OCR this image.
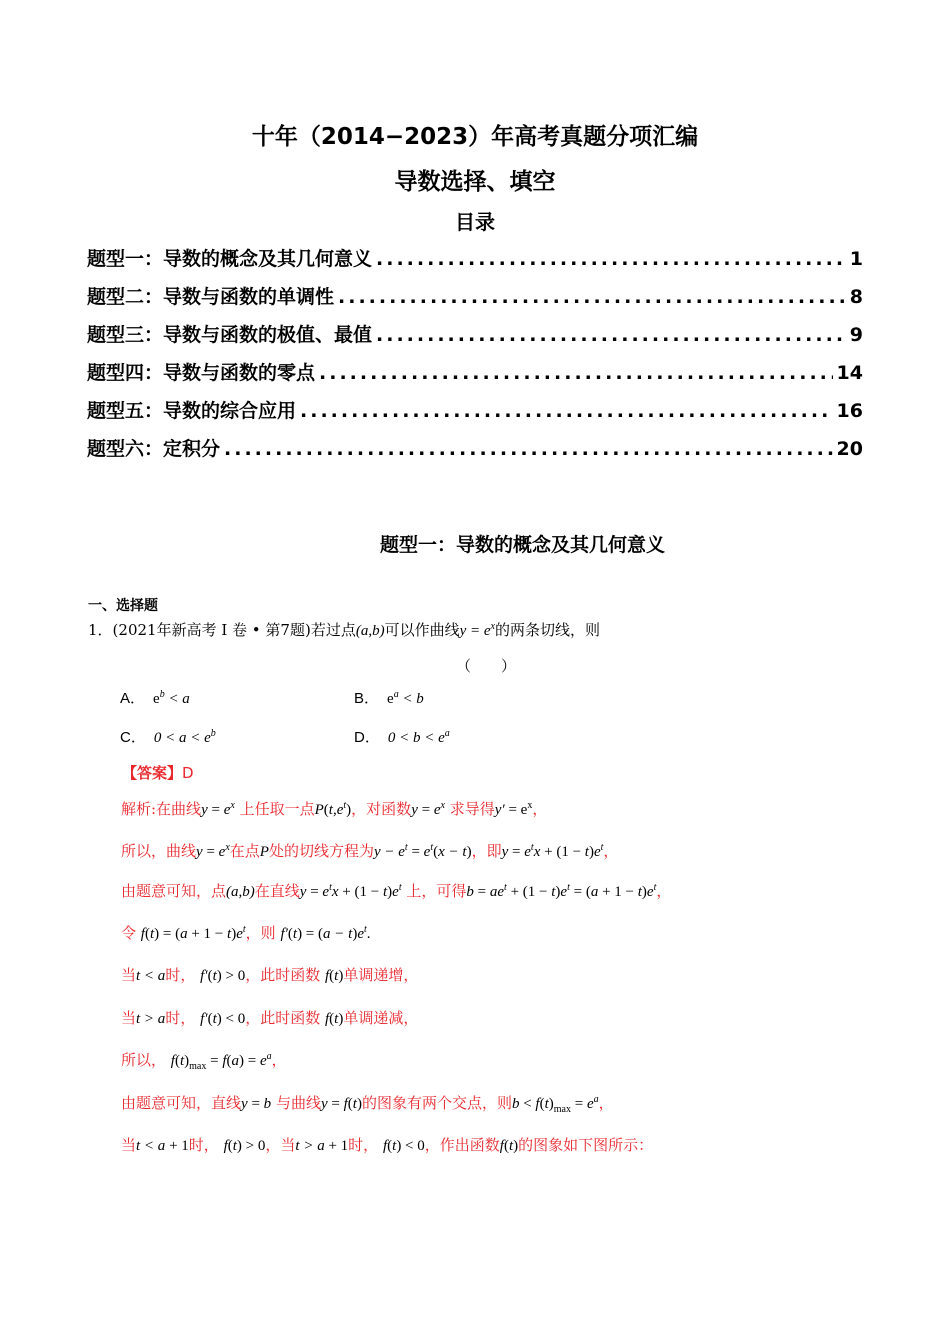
十年（2014−2023）年高考真题分项汇编
导数选择、填空
目录
题型一：导数的概念及其几何意义 .....	1
题型二：导数与函数的单调性 .....	8
题型三：导数与函数的极值、最值 .....	9
题型四：导数与函数的零点 .....	14
题型五：导数的综合应用 .....	16
题型六：定积分 .....	20
题型一：导数的概念及其几何意义
一、选择题
1．(2021年新高考 I 卷 • 第7题)若过点(a,b)可以作曲线$y = e^x$的两条切线，则
（　　）
A． $e^b < a$	B． $e^a < b$
C． $0 < a < e^b$	D． $0 < b < e^a$
【答案】D
解析:在曲线$y = e^x$ 上任取一点$P(t,e^t)$，对函数$y = e^x$ 求导得$y' = e^x$，
所以，曲线$y = e^x$在点P处的切线方程为$y - e^t = e^t(x - t)$，即$y = e^tx + (1 - t)e^t$，
由题意可知，点(a,b)在直线$y = e^tx + (1 - t)e^t$ 上，可得$b = ae^t + (1 - t)e^t = (a + 1 - t)e^t$，
令 $f(t) = (a + 1 - t)e^t$，则 $f'(t) = (a - t)e^t$.
当t < a时， f′(t) > 0，此时函数 f(t)单调递增，
当t > a时， f′(t) < 0，此时函数 f(t)单调递减，
所以， $f(t)_{max} = f(a) = e^a$，
由题意可知，直线y = b 与曲线y = f(t)的图象有两个交点，则$b < f(t)_{max} = e^a$，
当t < a + 1时， f(t) > 0，当t > a + 1时， f(t) < 0，作出函数f(t)的图象如下图所示：
